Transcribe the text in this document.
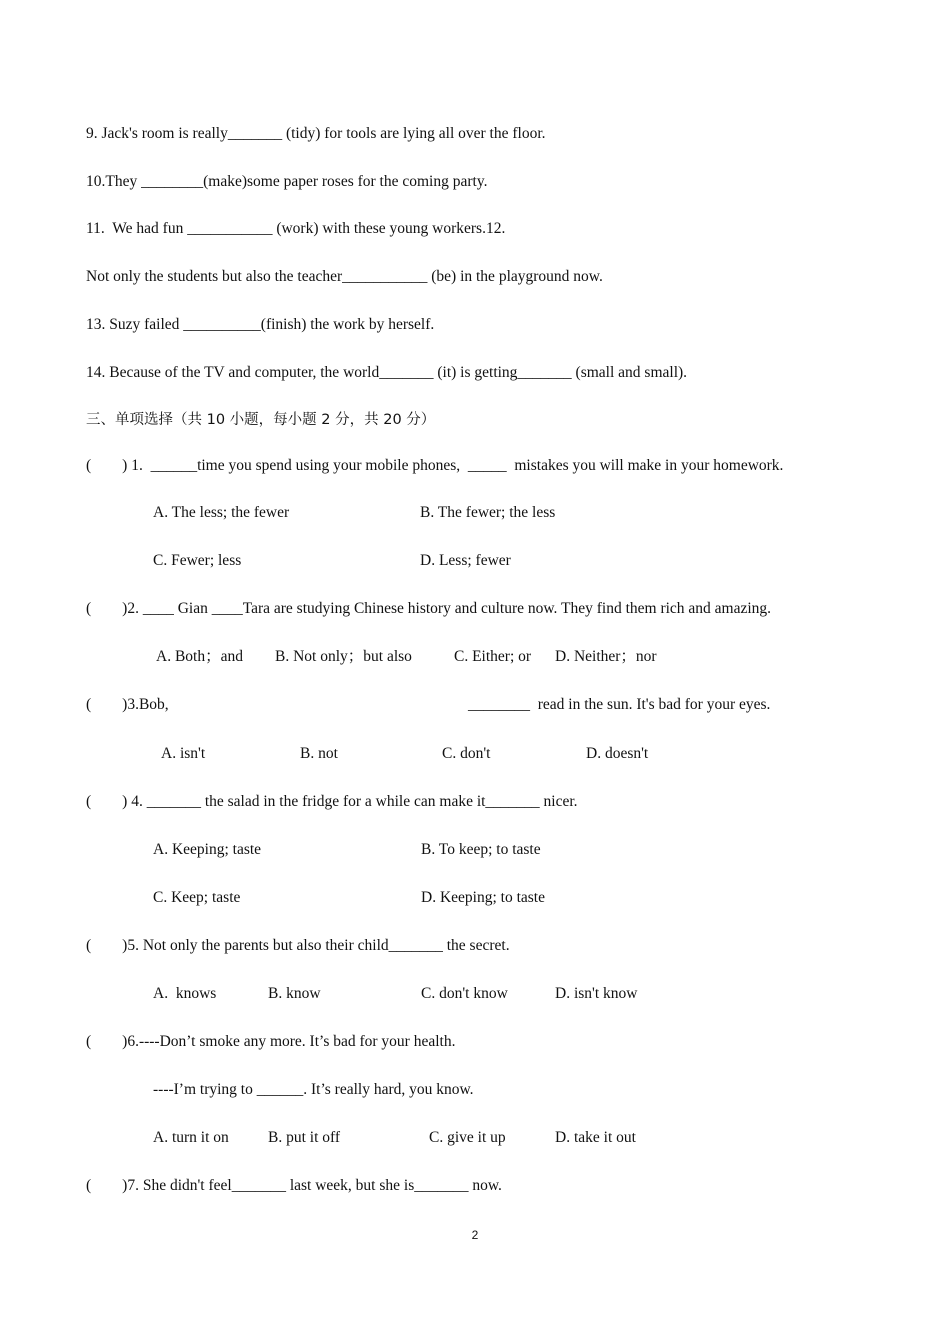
9. Jack's room is really_______ (tidy) for tools are lying all over the floor.
10.They ________(make)some paper roses for the coming party.
11.  We had fun ___________ (work) with these young workers.12.
Not only the students but also the teacher___________ (be) in the playground now.
13. Suzy failed __________(finish) the work by herself.
14. Because of the TV and computer, the world_______ (it) is getting_______ (small and small).
三、单项选择（共 10 小题，每小题 2 分，共 20 分）
(        ) 1.  ______time you spend using your mobile phones,  _____  mistakes you will make in your homework.
A. The less; the fewer	B. The fewer; the less
C. Fewer; less	D. Less; fewer
(        )2. ____ Gian ____Tara are studying Chinese history and culture now. They find them rich and amazing.
A. Both；and B. Not only；but also	C. Either; or D. Neither；nor
(        )3.Bob,	________  read in the sun. It's bad for your eyes.
A. isn't	B. not	C. don't	D. doesn't
(        ) 4. _______ the salad in the fridge for a while can make it_______ nicer.
A. Keeping; taste	B. To keep; to taste
C. Keep; taste	D. Keeping; to taste
(        )5. Not only the parents but also their child_______ the secret.
A.  knows	B. know	C. don't know	D. isn't know
(        )6.----Don’t smoke any more. It’s bad for your health.
----I’m trying to ______. It’s really hard, you know.
A. turn it on	B. put it off	C. give it up	D. take it out
(        )7. She didn't feel_______ last week, but she is_______ now.
2
